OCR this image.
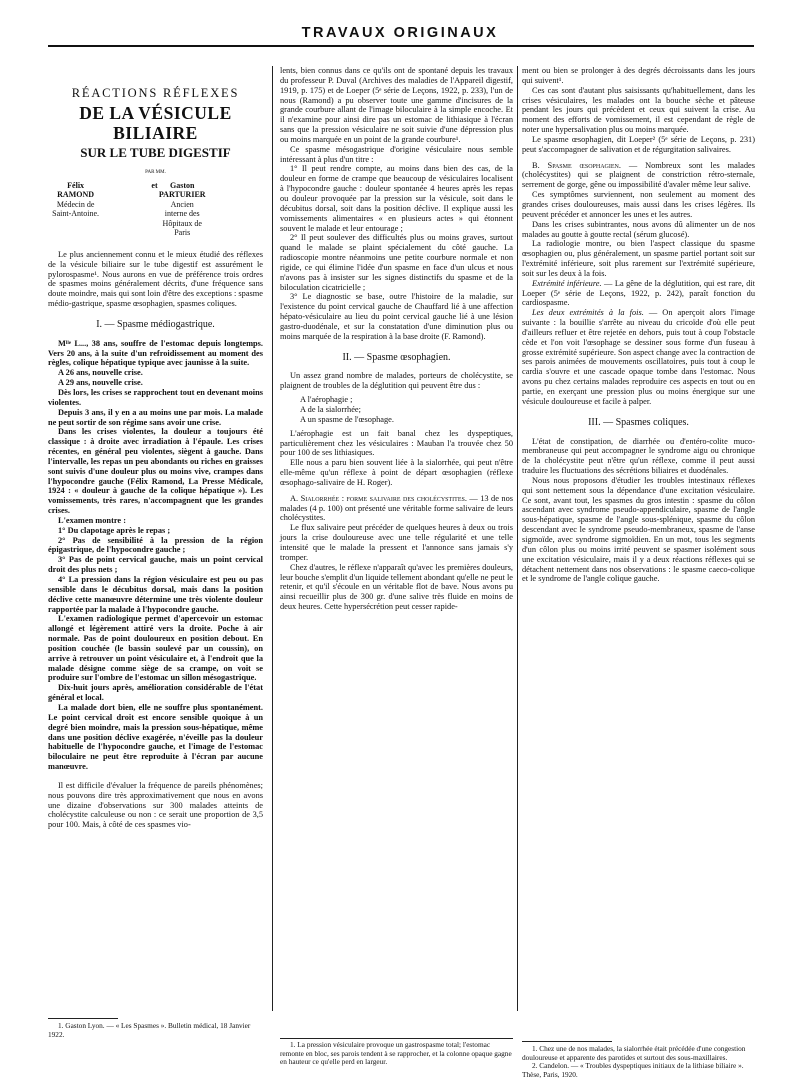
TRAVAUX ORIGINAUX
RÉACTIONS RÉFLEXES
DE LA VÉSICULE BILIAIRE
SUR LE TUBE DIGESTIF
PAR MM.
Félix RAMOND
Médecin de Saint-Antoine.
et	Gaston PARTURIER
Ancien interne des Hôpitaux de Paris

Le plus anciennement connu et le mieux étudié des réflexes de la vésicule biliaire sur le tube digestif est assurément le pylorospasme¹. Nous aurons en vue de préférence trois ordres de spasmes moins généralement décrits, d'une fréquence sans doute moindre, mais qui sont loin d'être des exceptions : spasme médio-gastrique, spasme œsophagien, spasmes coliques.

I. — Spasme médiogastrique.

Mˡˡᵉ L..., 38 ans, souffre de l'estomac depuis longtemps. Vers 20 ans, à la suite d'un refroidissement au moment des règles, colique hépatique typique avec jaunisse à la suite.

A 26 ans, nouvelle crise.

A 29 ans, nouvelle crise.

Dès lors, les crises se rapprochent tout en devenant moins violentes.

Depuis 3 ans, il y en a au moins une par mois. La malade ne peut sortir de son régime sans avoir une crise.

Dans les crises violentes, la douleur a toujours été classique : à droite avec irradiation à l'épaule. Les crises récentes, en général peu violentes, siègent à gauche. Dans l'intervalle, les repas un peu abondants ou riches en graisses sont suivis d'une douleur plus ou moins vive, crampes dans l'hypocondre gauche (Félix Ramond, La Presse Médicale, 1924 : « douleur à gauche de la colique hépatique »). Les vomissements, très rares, n'accompagnent que les grandes crises.

L'examen montre :

1° Du clapotage après le repas ;

2° Pas de sensibilité à la pression de la région épigastrique, de l'hypocondre gauche ;

3° Pas de point cervical gauche, mais un point cervical droit des plus nets ;

4° La pression dans la région vésiculaire est peu ou pas sensible dans le décubitus dorsal, mais dans la position déclive cette manœuvre détermine une très violente douleur rapportée par la malade à l'hypocondre gauche.

L'examen radiologique permet d'apercevoir un estomac allongé et légèrement attiré vers la droite. Poche à air normale. Pas de point douloureux en position debout. En position couchée (le bassin soulevé par un coussin), on arrive à retrouver un point vésiculaire et, à l'endroit que la malade désigne comme siège de sa crampe, on voit se produire sur l'ombre de l'estomac un sillon mésogastrique.

Dix-huit jours après, amélioration considérable de l'état général et local.

La malade dort bien, elle ne souffre plus spontanément. Le point cervical droit est encore sensible quoique à un degré bien moindre, mais la pression sous-hépatique, même dans une position déclive exagérée, n'éveille pas la douleur habituelle de l'hypocondre gauche, et l'image de l'estomac biloculaire ne peut être reproduite à l'écran par aucune manœuvre.

Il est difficile d'évaluer la fréquence de pareils phénomènes; nous pouvons dire très approximativement que nous en avons une dizaine d'observations sur 300 malades atteints de cholécystite calculeuse ou non : ce serait une proportion de 3,5 pour 100. Mais, à côté de ces spasmes vio-

1. Gaston Lyon. — « Les Spasmes ». Bulletin médical, 18 Janvier 1922.

lents, bien connus dans ce qu'ils ont de spontané depuis les travaux du professeur P. Duval (Archives des maladies de l'Appareil digestif, 1919, p. 175) et de Loeper (5ᵉ série de Leçons, 1922, p. 233), l'un de nous (Ramond) a pu observer toute une gamme d'incisures de la grande courbure allant de l'image biloculaire à la simple encoche. Et il n'examine pour ainsi dire pas un estomac de lithiasique à l'écran sans que la pression vésiculaire ne soit suivie d'une dépression plus ou moins marquée en un point de la grande courbure¹.

Ce spasme mésogastrique d'origine vésiculaire nous semble intéressant à plus d'un titre :

1° Il peut rendre compte, au moins dans bien des cas, de la douleur en forme de crampe que beaucoup de vésiculaires localisent à l'hypocondre gauche : douleur spontanée 4 heures après les repas ou douleur provoquée par la pression sur la vésicule, soit dans le décubitus dorsal, soit dans la position déclive. Il explique aussi les vomissements alimentaires « en plusieurs actes » qui étonnent souvent le malade et leur entourage ;

2° Il peut soulever des difficultés plus ou moins graves, surtout quand le malade se plaint spécialement du côté gauche. La radioscopie montre néanmoins une petite courbure normale et non rigide, ce qui élimine l'idée d'un spasme en face d'un ulcus et nous n'avons pas à insister sur les signes distinctifs du spasme et de la biloculation cicatricielle ;

3° Le diagnostic se base, outre l'histoire de la maladie, sur l'existence du point cervical gauche de Chauffard lié à une affection hépato-vésiculaire au lieu du point cervical gauche lié à une lésion gastro-duodénale, et sur la constatation d'une diminution plus ou moins marquée de la respiration à la base droite (F. Ramond).

II. — Spasme œsophagien.

Un assez grand nombre de malades, porteurs de cholécystite, se plaignent de troubles de la déglutition qui peuvent être dus :

A l'aérophagie ;

A de la sialorrhée;

A un spasme de l'œsophage.

L'aérophagie est un fait banal chez les dyspeptiques, particulièrement chez les vésiculaires : Mauban l'a trouvée chez 50 pour 100 de ses lithiasiques.

Elle nous a paru bien souvent liée à la sialorrhée, qui peut n'être elle-même qu'un réflexe à point de départ œsophagien (réflexe œsophago-salivaire de H. Roger).

A. Sialorrhée : forme salivaire des cholécystites. — 13 de nos malades (4 p. 100) ont présenté une véritable forme salivaire de leurs cholécystites.

Le flux salivaire peut précéder de quelques heures à deux ou trois jours la crise douloureuse avec une telle régularité et une telle intensité que le malade la pressent et l'annonce sans jamais s'y tromper.

Chez d'autres, le réflexe n'apparaît qu'avec les premières douleurs, leur bouche s'emplit d'un liquide tellement abondant qu'elle ne peut le retenir, et qu'il s'écoule en un véritable flot de bave. Nous avons pu ainsi recueillir plus de 300 gr. d'une salive très fluide en moins de deux heures. Cette hypersécrétion peut cesser rapide-

1. La pression vésiculaire provoque un gastrospasme total; l'estomac remonte en bloc, ses parois tendent à se rapprocher, et la colonne opaque gagne en hauteur ce qu'elle perd en largeur.

ment ou bien se prolonger à des degrés décroissants dans les jours qui suivent¹.

Ces cas sont d'autant plus saisissants qu'habituellement, dans les crises vésiculaires, les malades ont la bouche sèche et pâteuse pendant les jours qui précèdent et ceux qui suivent la crise. Au moment des efforts de vomissement, il est cependant de règle de noter une hypersalivation plus ou moins marquée.

Le spasme œsophagien, dit Loeper² (5ᵉ série de Leçons, p. 231) peut s'accompagner de salivation et de régurgitation salivaires.

B. Spasme œsophagien. — Nombreux sont les malades (cholécystites) qui se plaignent de constriction rétro-sternale, serrement de gorge, gêne ou impossibilité d'avaler même leur salive.

Ces symptômes surviennent, non seulement au moment des grandes crises douloureuses, mais aussi dans les crises légères. Ils peuvent précéder et annoncer les unes et les autres.

Dans les crises subintrantes, nous avons dû alimenter un de nos malades au goutte à goutte rectal (sérum glucosé).

La radiologie montre, ou bien l'aspect classique du spasme œsophagien ou, plus généralement, un spasme partiel portant soit sur l'extrémité inférieure, soit plus rarement sur l'extrémité supérieure, soit sur les deux à la fois.

Extrémité inférieure. — La gêne de la déglutition, qui est rare, dit Loeper (5ᵉ série de Leçons, 1922, p. 242), paraît fonction du cardiospasme.

Les deux extrémités à la fois. — On aperçoit alors l'image suivante : la bouillie s'arrête au niveau du cricoïde d'où elle peut d'ailleurs refluer et être rejetée en dehors, puis tout à coup l'obstacle cède et l'on voit l'œsophage se dessiner sous forme d'un fuseau à grosse extrémité supérieure. Son aspect change avec la contraction de ses parois animées de mouvements oscillatoires, puis tout à coup le cardia s'ouvre et une cascade opaque tombe dans l'estomac. Nous avons pu chez certains malades reproduire ces aspects en tout ou en partie, en exerçant une pression plus ou moins énergique sur une vésicule douloureuse et facile à palper.

III. — Spasmes coliques.

L'état de constipation, de diarrhée ou d'entéro-colite muco-membraneuse qui peut accompagner le syndrome aigu ou chronique de la cholécystite peut n'être qu'un réflexe, comme il peut aussi traduire les fluctuations des sécrétions biliaires et duodénales.

Nous nous proposons d'étudier les troubles intestinaux réflexes qui sont nettement sous la dépendance d'une excitation vésiculaire. Ce sont, avant tout, les spasmes du gros intestin : spasme du côlon ascendant avec syndrome pseudo-appendiculaire, spasme de l'angle sous-hépatique, spasme de l'angle sous-splénique, spasme du côlon descendant avec le syndrome pseudo-membraneux, spasme de l'anse sigmoïde, avec syndrome sigmoïdien. En un mot, tous les segments d'un côlon plus ou moins irrité peuvent se spasmer isolément sous une excitation vésiculaire, mais il y a deux réactions réflexes qui se détachent nettement dans nos observations : le spasme caeco-colique et le syndrome de l'angle colique gauche.

1. Chez une de nos malades, la sialorrhée était précédée d'une congestion douloureuse et apparente des parotides et surtout des sous-maxillaires.

2. Candelon. — « Troubles dyspeptiques initiaux de la lithiase biliaire ». Thèse, Paris, 1920.
